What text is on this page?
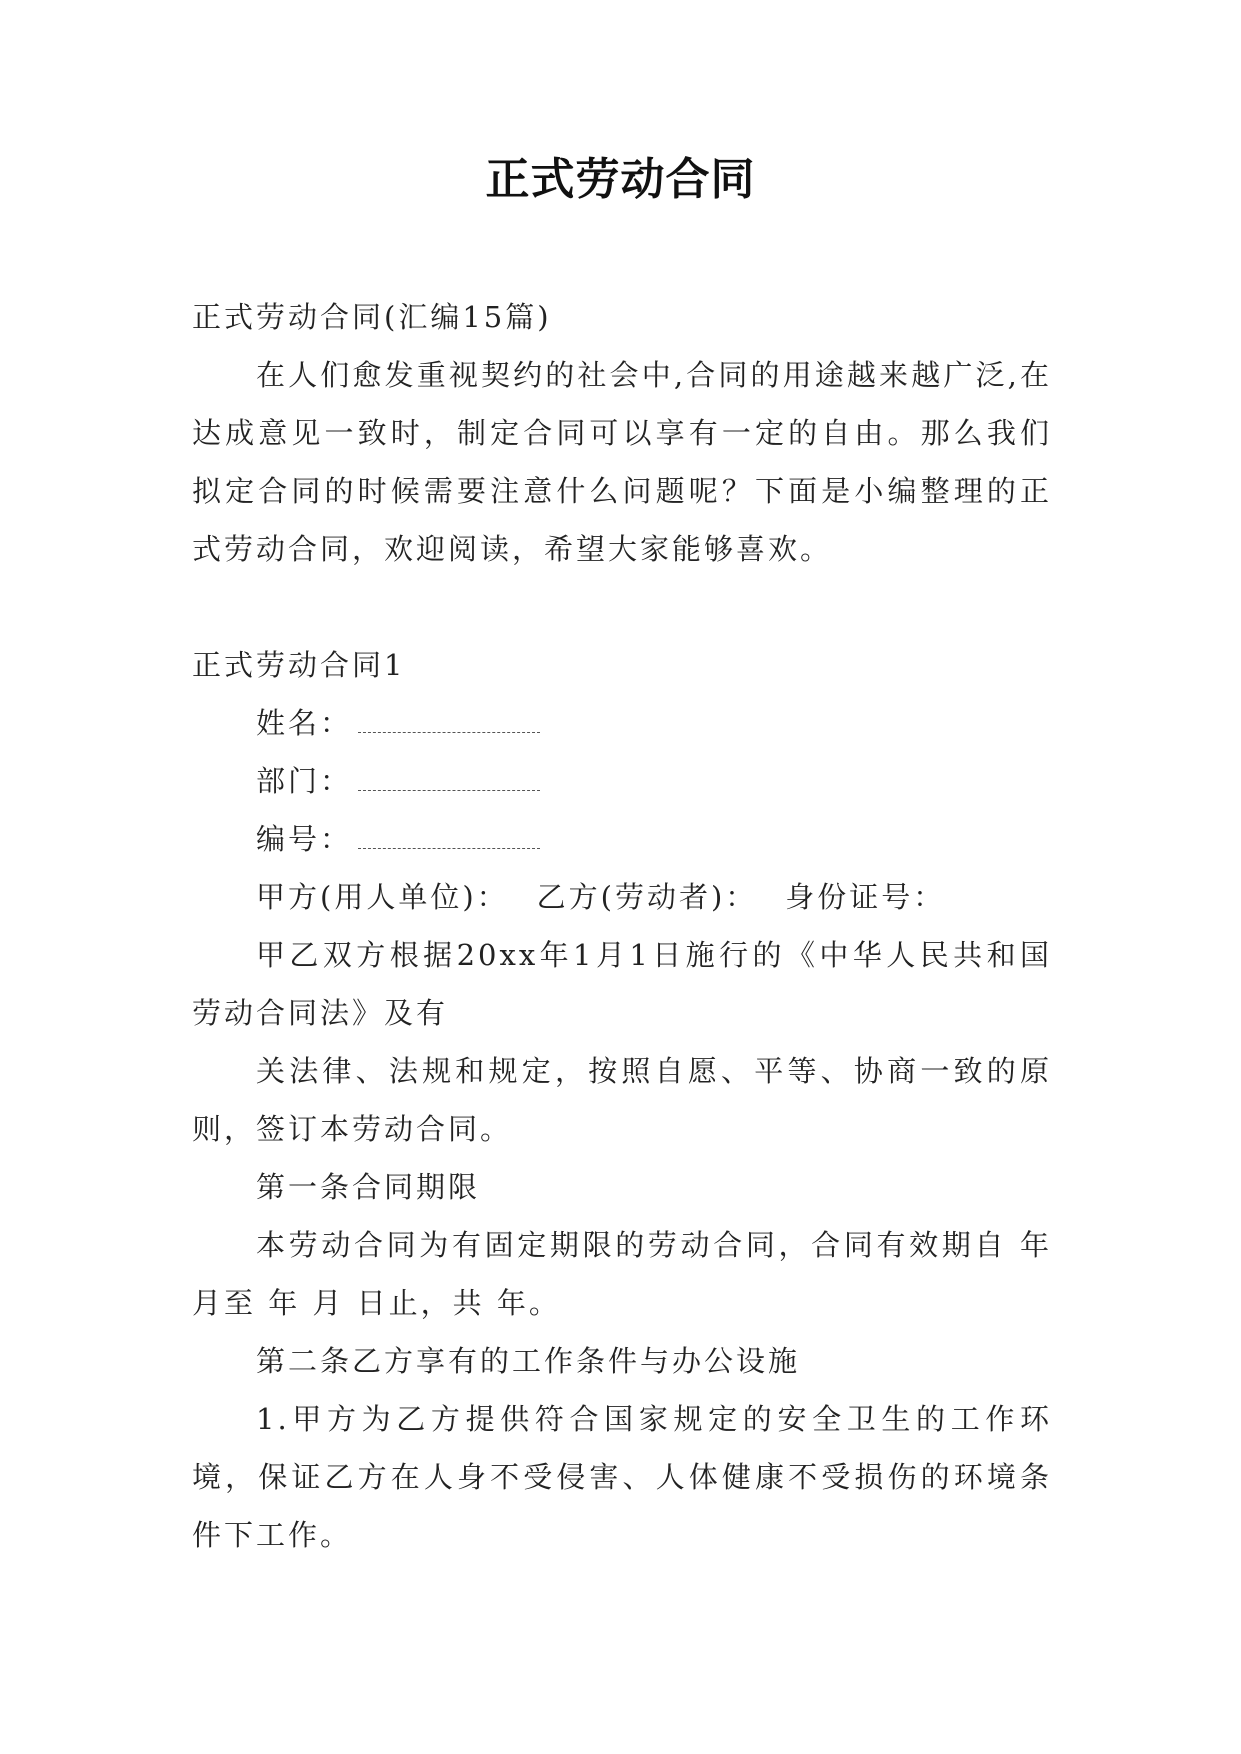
正式劳动合同

正式劳动合同(汇编15篇)

在人们愈发重视契约的社会中,合同的用途越来越广泛,在达成意见一致时，制定合同可以享有一定的自由。那么我们拟定合同的时候需要注意什么问题呢？下面是小编整理的正式劳动合同，欢迎阅读，希望大家能够喜欢。

正式劳动合同1

姓名：

部门：

编号：

甲方(用人单位)： 乙方(劳动者)： 身份证号：

甲乙双方根据20xx年1月1日施行的《中华人民共和国劳动合同法》及有

关法律、法规和规定，按照自愿、平等、协商一致的原则，签订本劳动合同。

第一条合同期限

本劳动合同为有固定期限的劳动合同，合同有效期自 年 月至 年 月 日止，共 年。

第二条乙方享有的工作条件与办公设施

1.甲方为乙方提供符合国家规定的安全卫生的工作环境，保证乙方在人身不受侵害、人体健康不受损伤的环境条件下工作。
